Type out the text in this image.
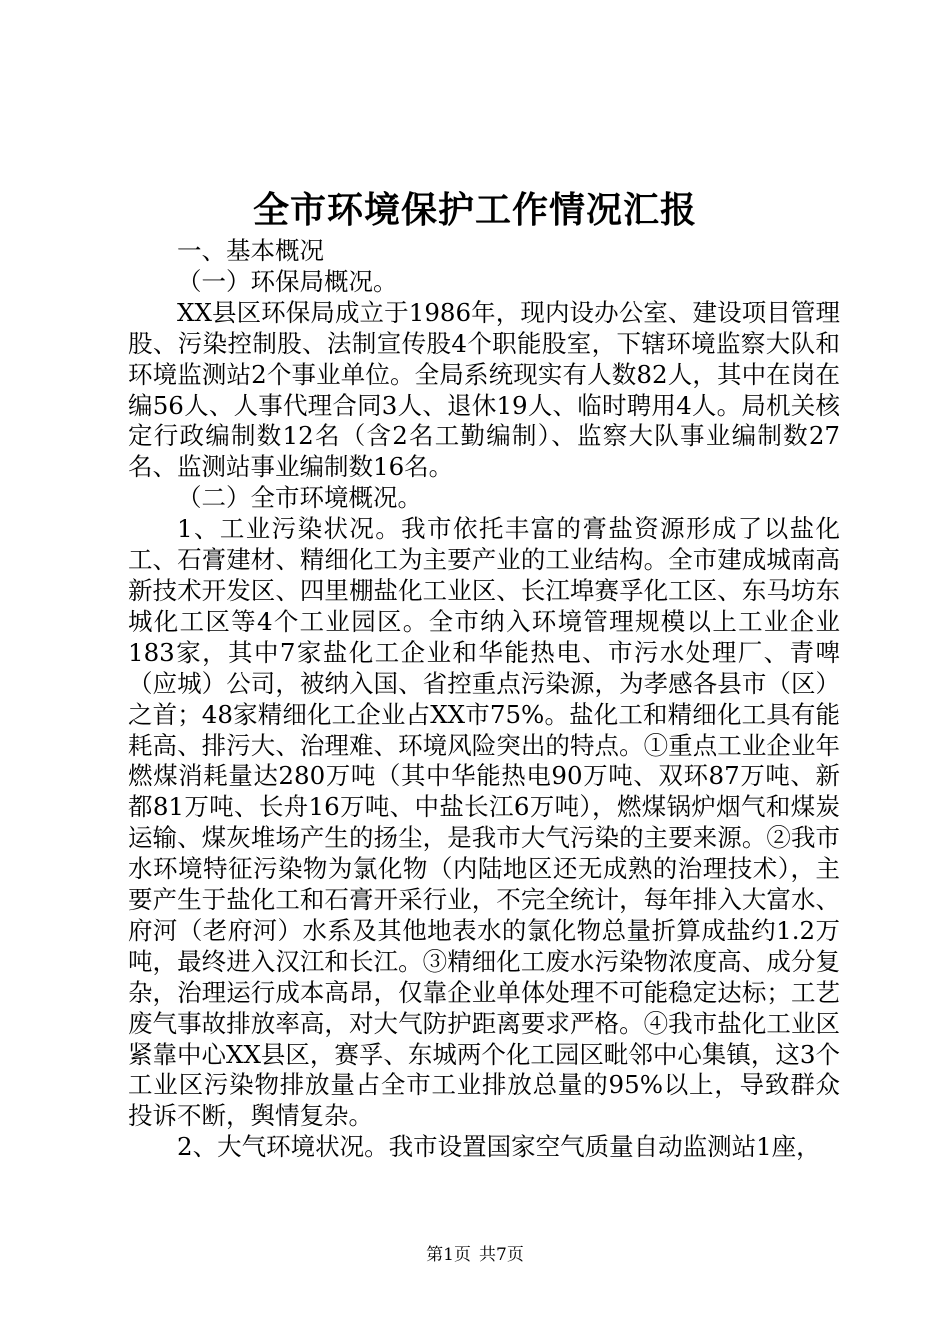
全市环境保护工作情况汇报

一、基本概况

（一）环保局概况。

XX县区环保局成立于1986年，现内设办公室、建设项目管理股、污染控制股、法制宣传股4个职能股室，下辖环境监察大队和环境监测站2个事业单位。全局系统现实有人数82人，其中在岗在编56人、人事代理合同3人、退休19人、临时聘用4人。局机关核定行政编制数12名（含2名工勤编制）、监察大队事业编制数27名、监测站事业编制数16名。

（二）全市环境概况。

1、工业污染状况。我市依托丰富的膏盐资源形成了以盐化工、石膏建材、精细化工为主要产业的工业结构。全市建成城南高新技术开发区、四里棚盐化工业区、长江埠赛孚化工区、东马坊东城化工区等4个工业园区。全市纳入环境管理规模以上工业企业183家，其中7家盐化工企业和华能热电、市污水处理厂、青啤（应城）公司，被纳入国、省控重点污染源，为孝感各县市（区）之首；48家精细化工企业占XX市75%。盐化工和精细化工具有能耗高、排污大、治理难、环境风险突出的特点。①重点工业企业年燃煤消耗量达280万吨（其中华能热电90万吨、双环87万吨、新都81万吨、长舟16万吨、中盐长江6万吨），燃煤锅炉烟气和煤炭运输、煤灰堆场产生的扬尘，是我市大气污染的主要来源。②我市水环境特征污染物为氯化物（内陆地区还无成熟的治理技术），主要产生于盐化工和石膏开采行业，不完全统计，每年排入大富水、府河（老府河）水系及其他地表水的氯化物总量折算成盐约1.2万吨，最终进入汉江和长江。③精细化工废水污染物浓度高、成分复杂，治理运行成本高昂，仅靠企业单体处理不可能稳定达标；工艺废气事故排放率高，对大气防护距离要求严格。④我市盐化工业区紧靠中心XX县区，赛孚、东城两个化工园区毗邻中心集镇，这3个工业区污染物排放量占全市工业排放总量的95%以上，导致群众投诉不断，舆情复杂。

2、大气环境状况。我市设置国家空气质量自动监测站1座，

第1页 共7页
